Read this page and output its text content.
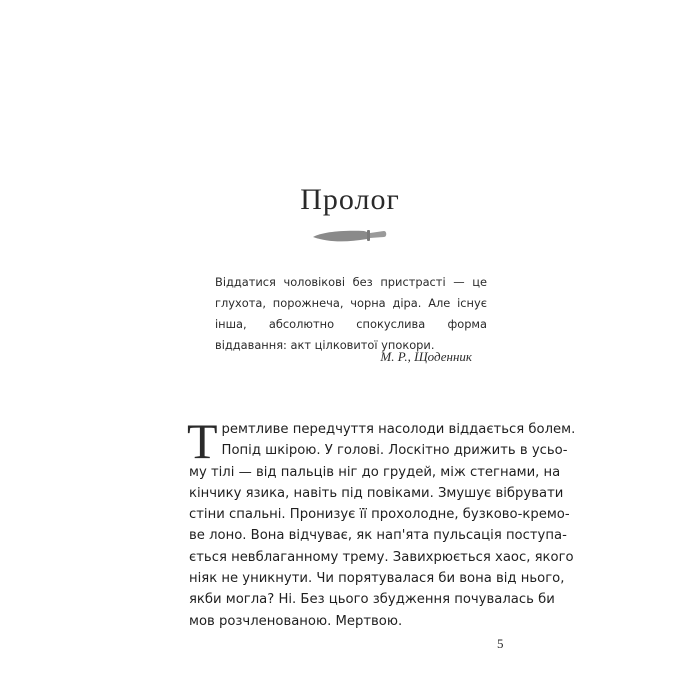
Пролог

Віддатися чоловікові без пристрасті — це глухота, порожнеча, чорна діра. Але існує інша, абсолютно спокуслива форма віддавання: акт цілковитої упокори.

М. Р., Щоденник

Т ремтливе передчуття насолоди віддається болем.
Попід шкірою. У голові. Лоскітно дрижить в усьо-
му тілі — від пальців ніг до грудей, між стегнами, на
кінчику язика, навіть під повіками. Змушує вібрувати
стіни спальні. Пронизує її прохолодне, бузково-кремо-
ве лоно. Вона відчуває, як нап'ята пульсація поступа-
ється невблаганному трему. Завихрюється хаос, якого
ніяк не уникнути. Чи порятувалася би вона від нього,
якби могла? Ні. Без цього збудження почувалась би
мов розчленованою. Мертвою.

5
